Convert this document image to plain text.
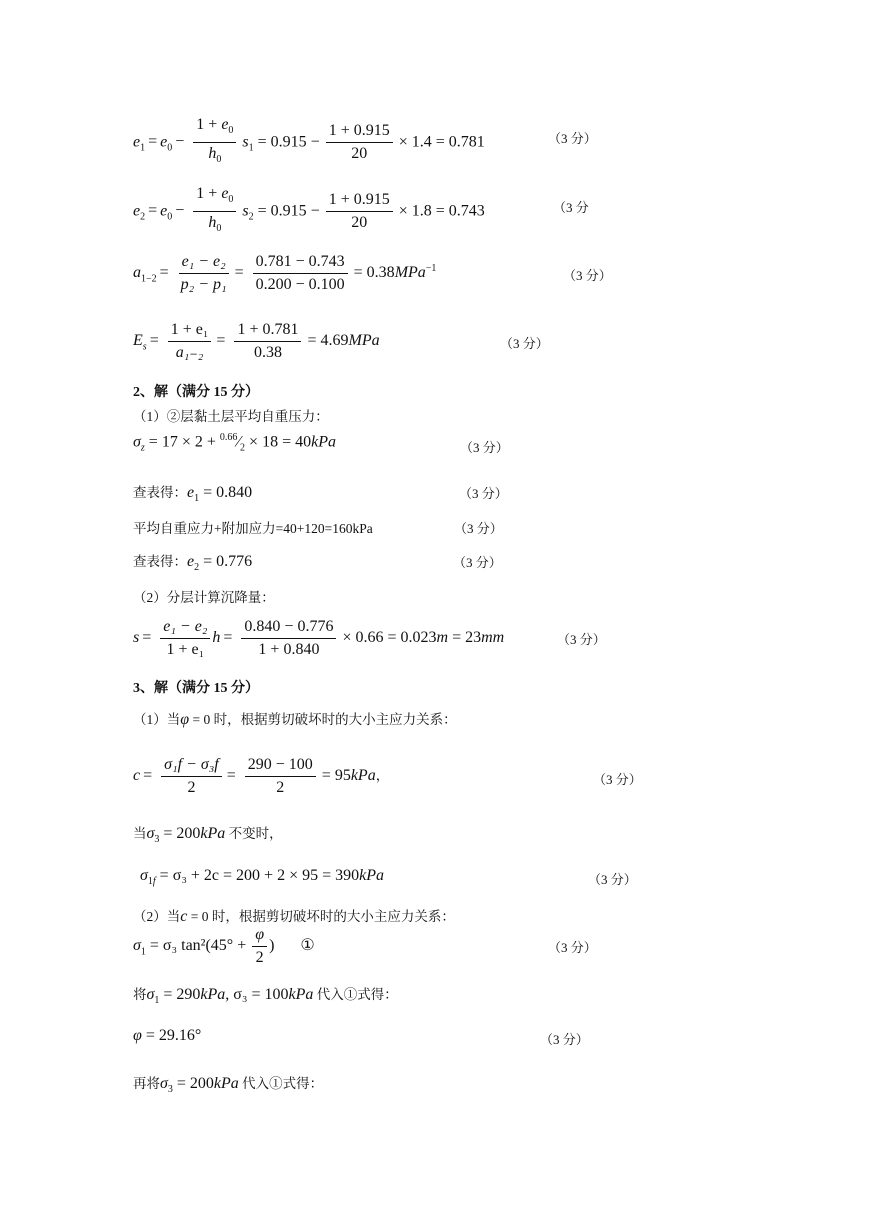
$e_1 = e_0 - \frac{1 + e_0}{h_0} s_1 = 0.915 - \frac{1 + 0.915}{20} \times 1.4 = 0.781$	（3 分）
$e_2 = e_0 - \frac{1 + e_0}{h_0} s_2 = 0.915 - \frac{1 + 0.915}{20} \times 1.8 = 0.743$	（3 分
$a_{1-2} = \frac{\text{e₁ − e₂}}{\text{p₂ − p₁}} = \frac{0.781 - 0.743}{0.200 - 0.100} = 0.38MPa^{-1}$	（3 分）
$E_s = \frac{\text{1 + e₁}}{\text{a₁₋₂}} = \frac{1 + 0.781}{0.38} = 4.69MPa$	（3 分）
2、解（满分 15 分）
（1）②层黏土层平均自重压力：
$\sigma_z = 17 \times 2$ + $^{0.66}⁄_2 \times 18 = 40kPa$	（3 分）
查表得：$e_1 = 0.840$	（3 分）
平均自重应力+附加应力=40+120=160kPa	（3 分）
查表得：$e_2 = 0.776$	（3 分）
（2）分层计算沉降量：
$s = \frac{\text{e₁ − e₂}}{\text{1 + e₁}}$ $h = \frac{0.840 - 0.776}{1 + 0.840} \times 0.66 = 0.023m = 23mm$	（3 分）
3、解（满分 15 分）
（1）当φ = 0 时，根据剪切破坏时的大小主应力关系：
$c = \frac{\text{σ₁f − σ₃f}}{2} = \frac{290 - 100}{2} = 95kPa$，	（3 分）
当$\sigma_3 = 200kPa$ 不变时，
$\sigma_{1f} = \sigma_3 + 2c = 200 + 2 \times 95 = 390kPa$	（3 分）
（2）当c = 0 时，根据剪切破坏时的大小主应力关系：
$\sigma_1 = \sigma_3$ $\tan^2(45^\circ + \frac{\varphi}{2}$ ) ①	（3 分）
将$\sigma_1 = 290kPa$, σ₃ = 100kPa 代入①式得：
φ = 29.16°	（3 分）
再将$\sigma_3 = 200kPa$ 代入①式得：
